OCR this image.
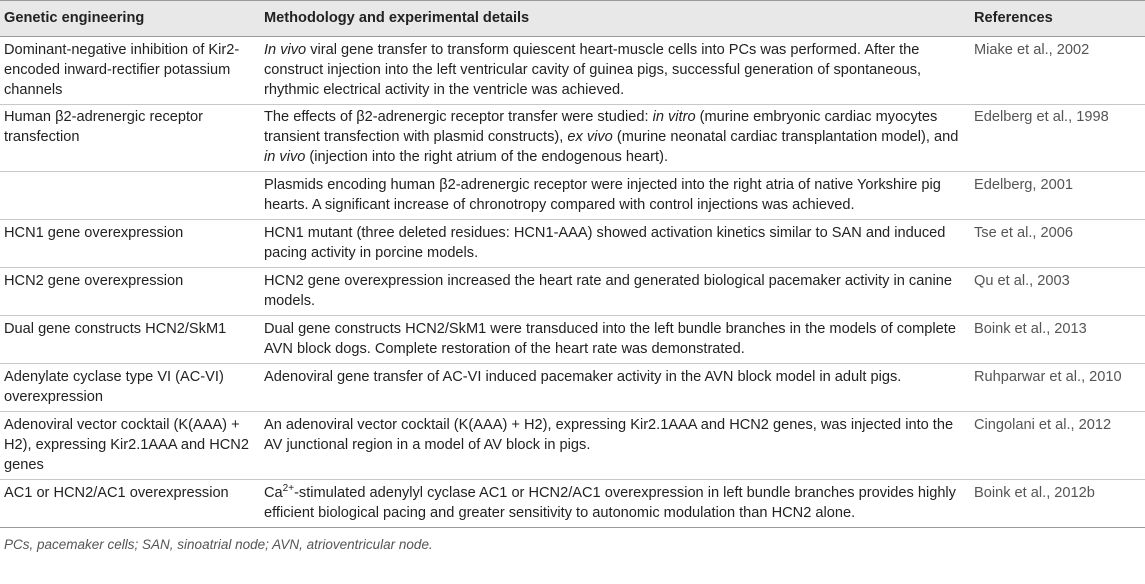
Genetic engineering	Methodology and experimental details	References
Dominant-negative inhibition of Kir2-encoded inward-rectifier potassium channels	In vivo viral gene transfer to transform quiescent heart-muscle cells into PCs was performed. After the construct injection into the left ventricular cavity of guinea pigs, successful generation of spontaneous, rhythmic electrical activity in the ventricle was achieved.	Miake et al., 2002
Human β2-adrenergic receptor transfection	The effects of β2-adrenergic receptor transfer were studied: in vitro (murine embryonic cardiac myocytes transient transfection with plasmid constructs), ex vivo (murine neonatal cardiac transplantation model), and in vivo (injection into the right atrium of the endogenous heart).	Edelberg et al., 1998
	Plasmids encoding human β2-adrenergic receptor were injected into the right atria of native Yorkshire pig hearts. A significant increase of chronotropy compared with control injections was achieved.	Edelberg, 2001
HCN1 gene overexpression	HCN1 mutant (three deleted residues: HCN1-AAA) showed activation kinetics similar to SAN and induced pacing activity in porcine models.	Tse et al., 2006
HCN2 gene overexpression	HCN2 gene overexpression increased the heart rate and generated biological pacemaker activity in canine models.	Qu et al., 2003
Dual gene constructs HCN2/SkM1	Dual gene constructs HCN2/SkM1 were transduced into the left bundle branches in the models of complete AVN block dogs. Complete restoration of the heart rate was demonstrated.	Boink et al., 2013
Adenylate cyclase type VI (AC-VI) overexpression	Adenoviral gene transfer of AC-VI induced pacemaker activity in the AVN block model in adult pigs.	Ruhparwar et al., 2010
Adenoviral vector cocktail (K(AAA) + H2), expressing Kir2.1AAA and HCN2 genes	An adenoviral vector cocktail (K(AAA) + H2), expressing Kir2.1AAA and HCN2 genes, was injected into the AV junctional region in a model of AV block in pigs.	Cingolani et al., 2012
AC1 or HCN2/AC1 overexpression	$Ca^{2+}$-stimulated adenylyl cyclase AC1 or HCN2/AC1 overexpression in left bundle branches provides highly efficient biological pacing and greater sensitivity to autonomic modulation than HCN2 alone.	Boink et al., 2012b
PCs, pacemaker cells; SAN, sinoatrial node; AVN, atrioventricular node.
